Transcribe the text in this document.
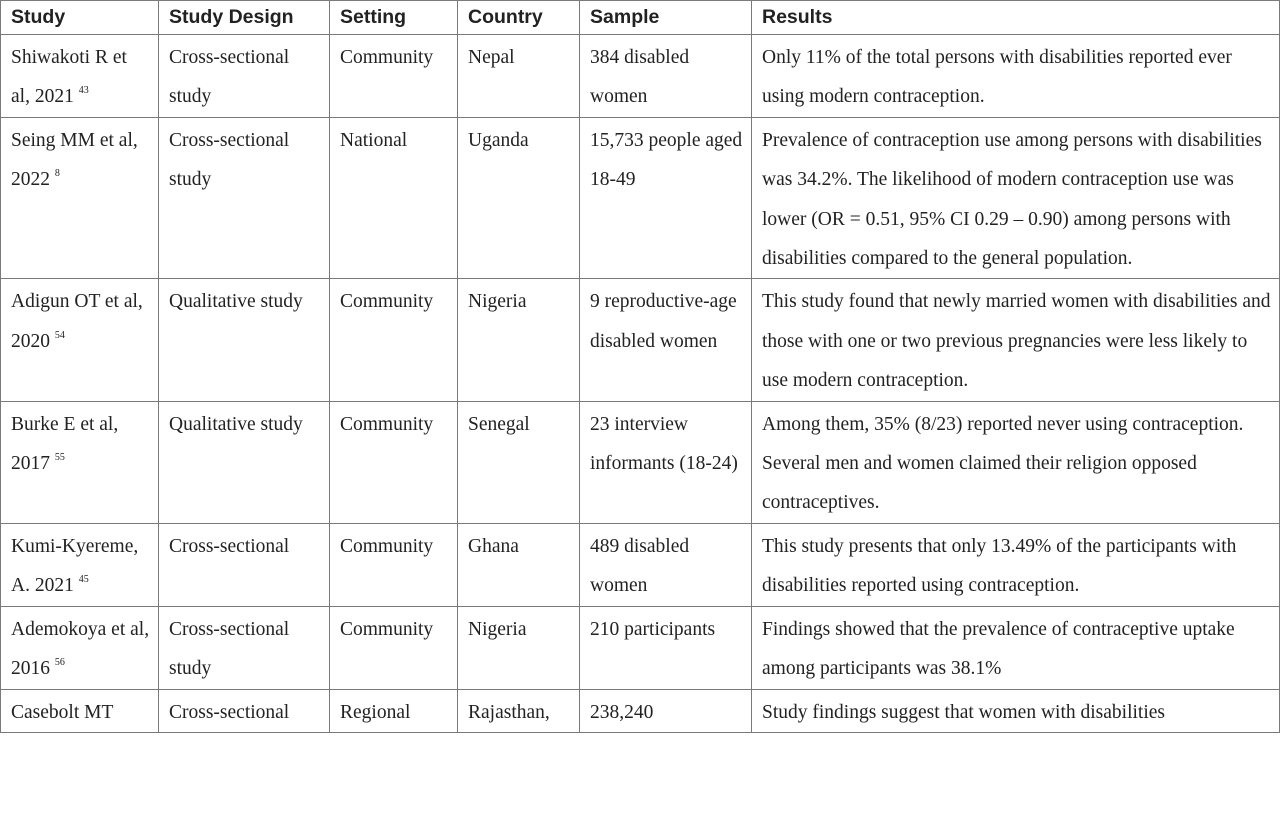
Study	Study Design	Setting	Country	Sample	Results
Shiwakoti R et al, 2021 $^{43}$	Cross-sectional study	Community	Nepal	384 disabled women	Only 11% of the total persons with disabilities reported ever using modern contraception.
Seing MM et al, 2022 $^8$	Cross-sectional study	National	Uganda	15,733 people aged 18-49	Prevalence of contraception use among persons with disabilities was 34.2%. The likelihood of modern contraception use was lower (OR = 0.51, 95% CI 0.29 – 0.90) among persons with disabilities compared to the general population.
Adigun OT et al, 2020 $^{54}$	Qualitative study	Community	Nigeria	9 reproductive-age disabled women	This study found that newly married women with disabilities and those with one or two previous pregnancies were less likely to use modern contraception.
Burke E et al, 2017 $^{55}$	Qualitative study	Community	Senegal	23 interview informants (18-24)	Among them, 35% (8/23) reported never using contraception. Several men and women claimed their religion opposed contraceptives.
Kumi-Kyereme, A. 2021 $^{45}$	Cross-sectional	Community	Ghana	489 disabled women	This study presents that only 13.49% of the participants with disabilities reported using contraception.
Ademokoya et al, 2016 $^{56}$	Cross-sectional study	Community	Nigeria	210 participants	Findings showed that the prevalence of contraceptive uptake among participants was 38.1%
Casebolt MT	Cross-sectional	Regional	Rajasthan,	238,240	Study findings suggest that women with disabilities
